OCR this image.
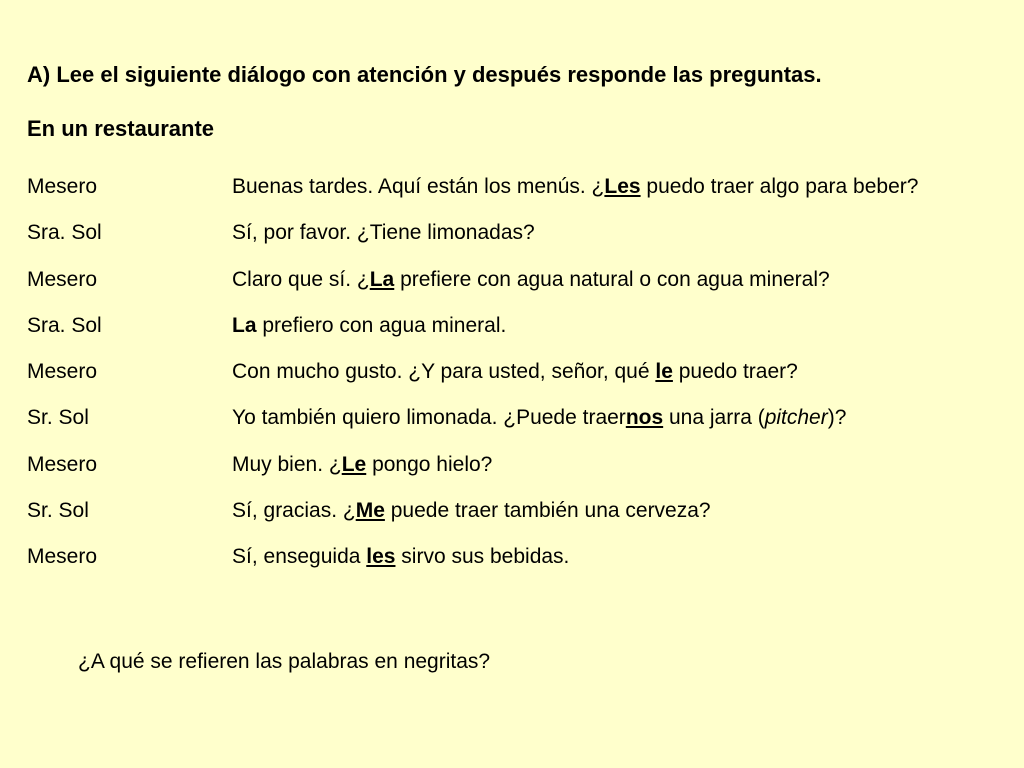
A) Lee el siguiente diálogo con atención y después responde las preguntas.
En un restaurante
Mesero	Buenas tardes. Aquí están los menús. ¿Les puedo traer algo para beber?
Sra. Sol	Sí, por favor. ¿Tiene limonadas?
Mesero	Claro que sí. ¿La prefiere con agua natural o con agua mineral?
Sra. Sol	La prefiero con agua mineral.
Mesero	Con mucho gusto. ¿Y para usted, señor, qué le puedo traer?
Sr. Sol	Yo también quiero limonada. ¿Puede traernos una jarra (pitcher)?
Mesero	Muy bien. ¿Le pongo hielo?
Sr. Sol	Sí, gracias. ¿Me puede traer también una cerveza?
Mesero	Sí, enseguida les sirvo sus bebidas.
¿A qué se refieren las palabras en negritas?
